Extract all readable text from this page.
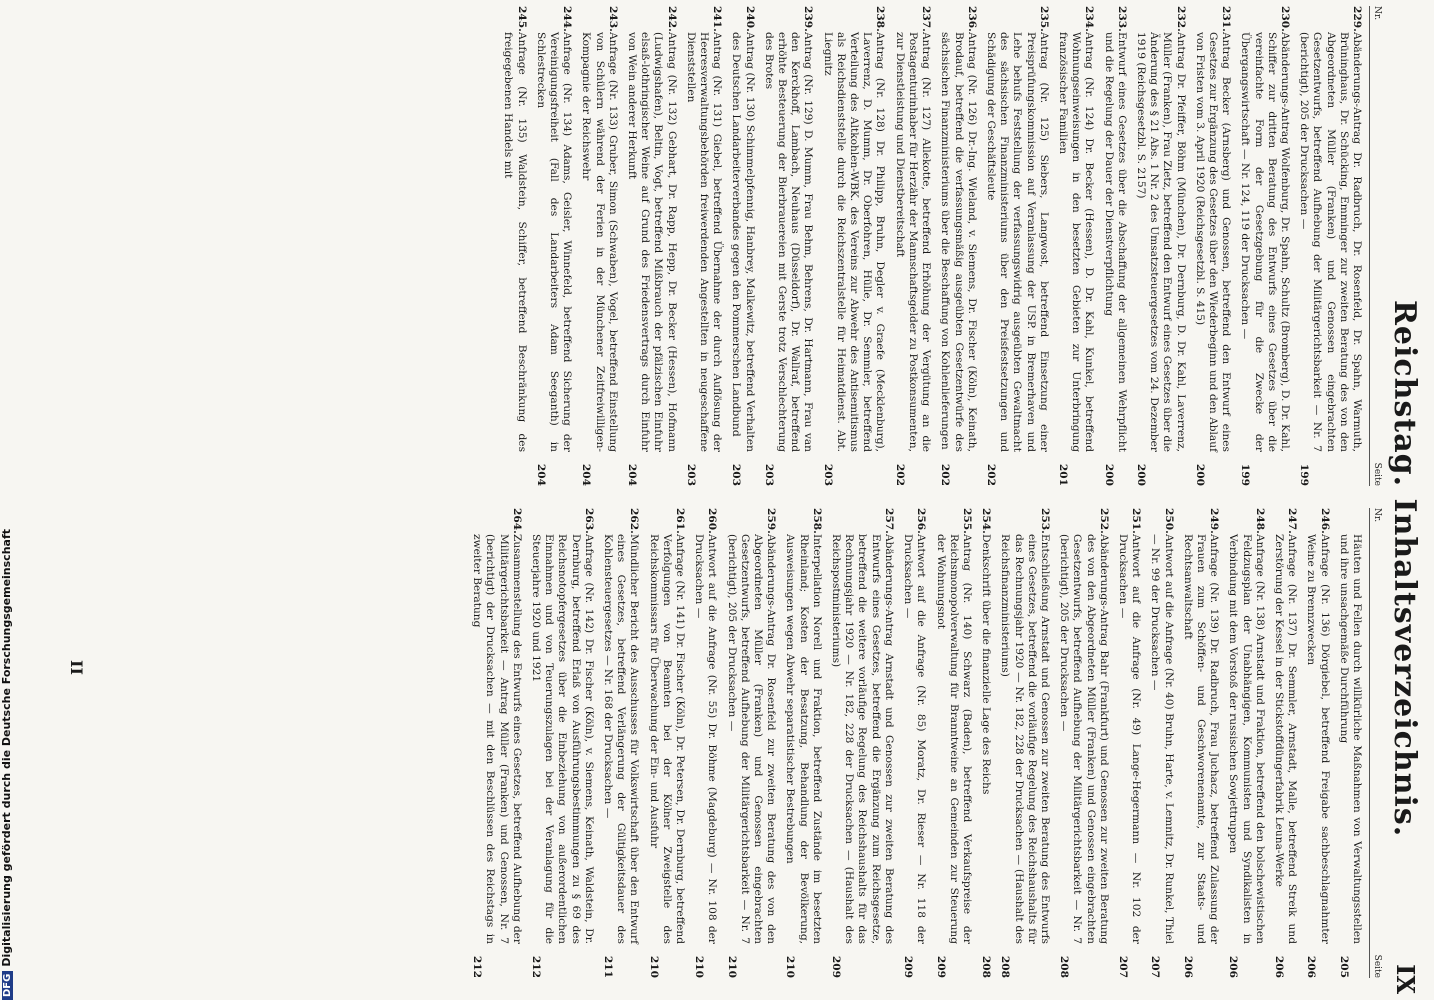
Reichstag. Inhaltsverzeichnis.
IX
Nr.
Seite
229.
Abänderungs-Antrag Dr. Radbruch, Dr. Rosenfeld, Dr. Spahn, Warmuth, Brüninghaus, Dr. Schücking, Emminger zur zweiten Beratung des von den Abgeordneten Müller (Franken) und Genossen eingebrachten Gesetzentwurfs, betreffend Aufhebung der Militärgerichtsbarkeit — Nr. 7 (berichtigt), 205 der Drucksachen —
199
230.
Abänderungs-Antrag Wolfenburg, Dr. Spahn, Schultz (Bromberg), D. Dr. Kahl, Schiffer zur dritten Beratung des Entwurfs eines Gesetzes über die vereinfachte Form der Gesetzgebung für die Zwecke der Übergangswirtschaft — Nr. 124, 119 der Drucksachen —
199
231.
Antrag Becker (Arnsberg) und Genossen, betreffend den Entwurf eines Gesetzes zur Ergänzung des Gesetzes über den Wiederbeginn und den Ablauf von Fristen vom 3. April 1920 (Reichsgesetzbl. S. 415)
200
232.
Antrag Dr. Pfeiffer, Böhm (München), Dr. Dernburg, D. Dr. Kahl, Laverrenz, Müller (Franken), Frau Zietz, betreffend den Entwurf eines Gesetzes über die Änderung des § 21 Abs. 1 Nr. 2 des Umsatzsteuergesetzes vom 24. Dezember 1919 (Reichsgesetzbl. S. 2157)
200
233.
Entwurf eines Gesetzes über die Abschaffung der allgemeinen Wehrpflicht und die Regelung der Dauer der Dienstverpflichtung
200
234.
Antrag (Nr. 124) Dr. Becker (Hessen), D. Dr. Kahl, Kunkel, betreffend Wohnungseinweisungen in den besetzten Gebieten zur Unterbringung französischer Familien
201
235.
Antrag (Nr. 125) Siebers, Langwost, betreffend Einsetzung einer Preisprüfungskommission auf Veranlassung der USP. in Bremerhaven und Lehe behufs Feststellung der verfassungswidrig ausgeübten Gewaltmacht des sächsischen Finanzministeriums über den Preisfestsetzungen und Schädigung der Geschäftsleute
202
236.
Antrag (Nr. 126) Dr.-Ing. Wieland, v. Siemens, Dr. Fischer (Köln), Keinath, Brodauf, betreffend die verfassungsmäßig ausgeübten Gesetzentwürfe des sächsischen Finanzministeriums über die Beschaffung von Kohlenlieferungen
202
237.
Antrag (Nr. 127) Allekotte, betreffend Erhöhung der Vergütung an die Postagenturinhaber für Herzähr der Mannschaftsgelder zu Postkonsumenten, zur Dienstleistung und Dienstbereitschaft
202
238.
Antrag (Nr. 128) Dr. Philipp, Bruhn, Degler v. Graefe (Mecklenburg), Laverrenz, D. Mumm, Dr. Oberfohren, Hülle, Dr. Semmler, betreffend Verteilung des Altkohlen-WBK. des Vereins zur Abwehr des Antisemitismus als Reichsdienststelle durch die Reichszentralstelle für Heimatdienst. Abt. Liegnitz
203
239.
Antrag (Nr. 129) D. Mumm, Frau Behm, Behrens, Dr. Hartmann, Frau van den Kerckhoff, Lambach, Neuhaus (Düsseldorf), Dr. Wallraf, betreffend erhöhte Besteuerung der Bierbrauereien mit Gerste trotz Verschlechterung des Brotes
203
240.
Antrag (Nr. 130) Schimmelpfennig, Hanbrey, Malkewitz, betreffend Verhalten des Deutschen Landarbeiterverbandes gegen den Pommerschen Landbund
203
241.
Antrag (Nr. 131) Giebel, betreffend Übernahme der durch Auflösung der Heeresverwaltungsbehörden freiwerdenden Angestellten in neugeschaffene Dienststellen
203
242.
Antrag (Nr. 132) Gebhart, Dr. Rapp, Hepp, Dr. Becker (Hessen), Hofmann (Ludwigshafen), Beltin, Vogt, betreffend Mißbrauch der pfälzischen Einfuhr elsaß-lothringischer Weine auf Grund des Friedensvertrags durch Einfuhr von Wein anderer Herkunft
204
243.
Anfrage (Nr. 133) Gruber, Simon (Schwaben), Vogel, betreffend Einstellung von Schülern während der Ferien in der Münchener Zeitfreiwilligen-Kompagnie der Reichswehr
204
244.
Anfrage (Nr. 134) Adams, Geisler, Winnefeld, betreffend Sicherung der Vereinigungsfreiheit (Fall des Landarbeiters Adam Seeganth) in Schlestrecken
204
245.
Anfrage (Nr. 135) Waldstein, Schiffer, betreffend Beschränkung des freigegebenen Handels mit
Nr.
Seite
Häuten und Fellen durch willkürliche Maßnahmen von Verwaltungsstellen und ihre unsachgemäße Durchführung
205
246.
Anfrage (Nr. 136) Dörgiebel, betreffend Freigabe sachbeschlagnahmter Weine zu Brennzwecken
206
247.
Anfrage (Nr. 137) Dr. Semmler, Arnstadt, Malle, betreffend Streik und Zerstörung der Kessel in der Stickstoffdüngerfabrik Leuna-Werke
206
248.
Anfrage (Nr. 138) Arnstadt und Fraktion, betreffend den bolschewistischen Feldzugsplan der Unabhängigen, Kommunisten und Syndikalisten in Verbindung mit dem Vorstoß der russischen Sowjettruppen
206
249.
Anfrage (Nr. 139) Dr. Radbruch, Frau Juchacz, betreffend Zulassung der Frauen zum Schöffen- und Geschworenenamte, zur Staats- und Rechtsanwaltschaft
206
250.
Antwort auf die Anfrage (Nr. 40) Bruhn, Harte, v. Lemnitz, Dr. Runkel, Thiel — Nr. 99 der Drucksachen —
207
251.
Antwort auf die Anfrage (Nr. 49) Lange-Hegermann — Nr. 102 der Drucksachen —
207
252.
Abänderungs-Antrag Bahr (Frankfurt) und Genossen zur zweiten Beratung des von den Abgeordneten Müller (Franken) und Genossen eingebrachten Gesetzentwurfs, betreffend Aufhebung der Militärgerichtsbarkeit — Nr. 7 (berichtigt), 205 der Drucksachen —
208
253.
Entschließung Arnstadt und Genossen zur zweiten Beratung des Entwurfs eines Gesetzes, betreffend die vorläufige Regelung des Reichshaushalts für das Rechnungsjahr 1920 — Nr. 182, 228 der Drucksachen — (Haushalt des Reichsfinanzministeriums)
208
254.
Denkschrift über die finanzielle Lage des Reichs
208
255.
Antrag (Nr. 140) Schwarz (Baden), betreffend Verkaufspreise der Reichsmonopolverwaltung für Branntweine an Gemeinden zur Steuerung der Wohnungsnot
209
256.
Antwort auf die Anfrage (Nr. 85) Moratz, Dr. Rieser — Nr. 118 der Drucksachen —
209
257.
Abänderungs-Antrag Arnstadt und Genossen zur zweiten Beratung des Entwurfs eines Gesetzes, betreffend die Ergänzung zum Reichsgesetze, betreffend die weitere vorläufige Regelung des Reichshaushalts für das Rechnungsjahr 1920 — Nr. 182, 228 der Drucksachen — (Haushalt des Reichspostministeriums)
209
258.
Interpellation Norell und Fraktion, betreffend Zustände im besetzten Rheinland; Kosten der Besatzung, Behandlung der Bevölkerung, Ausweisungen wegen Abwehr separatistischer Bestrebungen
210
259.
Abänderungs-Antrag Dr. Rosenfeld zur zweiten Beratung des von den Abgeordneten Müller (Franken) und Genossen eingebrachten Gesetzentwurfs, betreffend Aufhebung der Militärgerichtsbarkeit — Nr. 7 (berichtigt), 205 der Drucksachen —
210
260.
Antwort auf die Anfrage (Nr. 55) Dr. Böhme (Magdeburg) — Nr. 108 der Drucksachen —
210
261.
Anfrage (Nr. 141) Dr. Fischer (Köln), Dr. Petersen, Dr. Dernburg, betreffend Verfolgungen von Beamten bei der Kölner Zweigstelle des Reichskommissars für Überwachung der Ein- und Ausfuhr
210
262.
Mündlicher Bericht des Ausschusses für Volkswirtschaft über den Entwurf eines Gesetzes, betreffend Verlängerung der Gültigkeitsdauer des Kohlensteuergesetzes — Nr. 168 der Drucksachen —
211
263.
Anfrage (Nr. 142) Dr. Fischer (Köln), v. Siemens, Keinath, Waldstein, Dr. Dernburg, betreffend Erlaß von Ausführungsbestimmungen zu § 69 des Reichsnotopfergesetzes über die Einbeziehung von außerordentlichen Einnahmen und von Teuerungszulagen bei der Veranlagung für die Steuerjahre 1920 und 1921
212
264.
Zusammenstellung des Entwurfs eines Gesetzes, betreffend Aufhebung der Militärgerichtsbarkeit — Antrag Müller (Franken) und Genossen, Nr. 7 (berichtigt) der Drucksachen — mit den Beschlüssen des Reichstags in zweiter Beratung
212
II
DFGDigitalisierung gefördert durch die Deutsche Forschungsgemeinschaft
